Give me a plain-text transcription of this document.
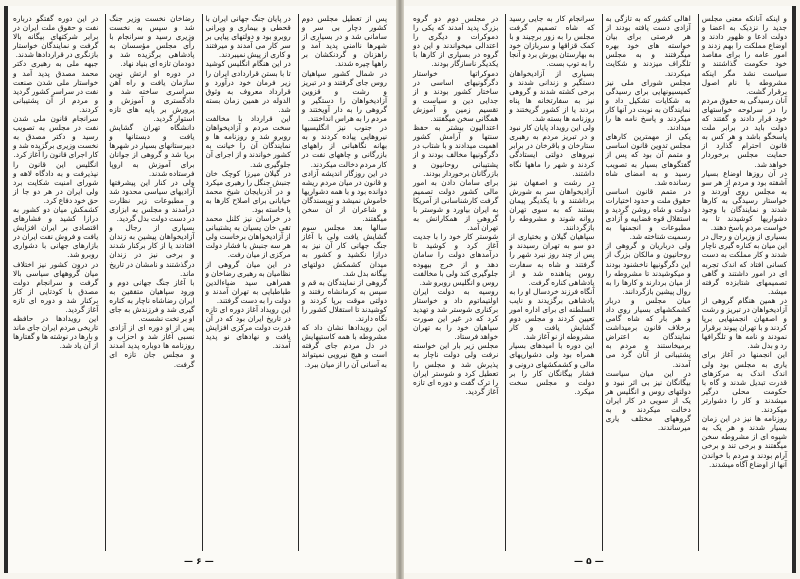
و اینکه آنانکه معنی مجلس جدید را نزدیک به اعضا و دولت ادعا و ظهور دادند و اوضاع مملکت را بهم زدند و امور عامه را برای مقاصد خود حکومت گذاشتند و سیاست نشد مگر اینکه مشروطه با نام اصول برقرار گشت.

آنان رسیدگی به حقوق مردم را در سرلوحه خواستهای خود قرار دادند و گفتند که دولت باید در برابر ملت پاسخگو باشد و هر کس به قانون احترام گذارد از حمایت مجلس برخوردار خواهد شد.

در آن روزها اوضاع بسیار آشفته بود و مردم از هر سو به مجلس روی آوردند و خواستار رسیدگی به کارها شدند و نمایندگان با وجود دشواریها کوشیدند تا به خواست مردم پاسخ دهند.

بسیاری از وزیران و رجال در این میان به کناره گیری ناچار شدند و کار مملکت به دست کسانی افتاد که اندک تجربه ای در امور داشتند و گاهی تصمیمهای شتابزده گرفته میشد.

در همین هنگام گروهی از آزادیخواهان در تبریز و رشت و اصفهان انجمنهایی برپا کردند و با تهران پیوند برقرار نمودند و نامه ها و تلگرافها رد و بدل شد.

این انجمنها در آغاز برای یاری به مجلس بود ولی اندک اندک به مرکزهای قدرت تبدیل شدند و گاه با حکومت محلی درگیر میشدند و کار را دشوارتر میکردند.

روزنامه ها نیز در این زمان بسیار شدند و هر یک به شیوه ای از مشروطه سخن میگفتند و برخی تند و برخی آرام بودند و مردم با خواندن آنها از اوضاع آگاه میشدند.

اهالی کشور که به تازگی به آزادی دست یافته بودند از هر فرصتی برای بیان خواسته های خود بهره میگرفتند و به مجلس تلگراف میزدند و شکایت میکردند.

مجلس شورای ملی نیز کمیسیونهایی برای رسیدگی به شکایات تشکیل داد و نمایندگان به نوبت در آنها کار میکردند و پاسخ نامه ها را میدادند.

یکی از مهمترین کارهای مجلس تدوین قانون اساسی و متمم آن بود که پس از گفتگوهای بسیار به تصویب رسید و به امضای شاه رسانده شد.

در متمم قانون اساسی حقوق ملت و حدود اختیارات دولت و شاه روشن گردید و استقلال قوه قضاییه و آزادی مطبوعات و انجمنها به رسمیت شناخته شد.

ولی درباریان و گروهی از روحانیون و مالکان بزرگ از این دگرگونیها ناخشنود بودند و میکوشیدند تا مشروطه را از میان بردارند و کارها را به روال پیشین بازگردانند.

میان مجلس و دربار کشمکشهای بسیار روی داد و هر بار که شاه گامی برخلاف قانون برمیداشت نمایندگان به اعتراض برمیخاستند و مردم به پشتیبانی از آنان گرد می آمدند.

در این میان سیاست بیگانگان نیز بی اثر نبود و دولتهای روس و انگلیس هر یک از سویی در کار ایران دخالت میکردند و به گروههای مختلف یاری میرساندند.

سرانجام کار به جایی رسید که شاه تصمیم گرفت مجلس را به زور برچیند و با کمک قزاقها و سربازان خود به بهارستان یورش برد و آنجا را به توپ بست.

بسیاری از آزادیخواهان دستگیر و زندانی شدند و برخی کشته شدند و گروهی نیز به سفارتخانه ها پناه بردند یا از کشور گریختند و روزنامه ها بسته شد.

ولی این رویداد پایان کار نبود و در تبریز مردم به رهبری ستارخان و باقرخان در برابر نیروهای دولتی ایستادگی کردند و شهر را ماهها نگاه داشتند.

در رشت و اصفهان نیز آزادیخواهان سر به شورش برداشتند و با یکدیگر پیمان بستند که به سوی تهران روانه شوند و مشروطه را بازگردانند.

سپاهیان گیلان و بختیاری از دو سو به تهران رسیدند و پس از چند روز نبرد شهر را گرفتند و شاه به سفارت روس پناهنده شد و از پادشاهی کناره گرفت.

آنگاه فرزند خردسال او را به پادشاهی برگزیدند و نایب السلطنه ای برای اداره امور تعیین کردند و مجلس دوم گشایش یافت و کار مشروطه از نو آغاز شد.

این دوره با امیدهای بسیار همراه بود ولی دشواریهای مالی و کشمکشهای درونی و فشار بیگانگان کار را بر دولت و مجلس سخت میکرد.

در مجلس دوم دو گروه بزرگ پدید آمدند که یکی را دموکرات و دیگری را اعتدالی میخواندند و این دو گروه در بسیاری از کارها با یکدیگر ناسازگار بودند.

دموکراتها خواستار دگرگونیهای اساسی در ساختار کشور بودند و از جدایی دین و سیاست و تقسیم زمین و آموزش همگانی سخن میگفتند.

اعتدالیون بیشتر به حفظ سنتها و آرامش کشور اهمیت میدادند و با شتاب در دگرگونیها مخالف بودند و از پشتیبانی روحانیون و بازرگانان برخوردار بودند.

برای سامان دادن به امور مالی کشور دولت تصمیم گرفت کارشناسانی از آمریکا به ایران بیاورد و شوستر با گروهی از همکارانش به تهران آمد.

شوستر کار خود را با جدیت آغاز کرد و کوشید تا درآمدهای دولت را سامان دهد و از خرج بیهوده جلوگیری کند ولی با مخالفت روس و انگلیس روبرو شد.

روسیه به دولت ایران اولتیماتوم داد و خواستار برکناری شوستر شد و تهدید کرد که در غیر این صورت سپاهیان خود را به تهران خواهد فرستاد.

مجلس زیر بار این خواسته نرفت ولی دولت ناچار به پذیرش شد و مجلس را تعطیل کرد و شوستر ایران را ترک گفت و دوره ای تازه آغاز گردید.

— ۵ —

پس از تعطیل مجلس دوم کشور دچار بی سر و سامانی شد و در بسیاری از شهرها ناامنی پدید آمد و راهزنان و گردنکشان بر راهها چیره شدند.

در شمال کشور سپاهیان روس جای گرفتند و در تبریز و رشت و قزوین آزادیخواهان را دستگیر و گروهی را به دار آویختند و مردم را به هراس انداختند.

در جنوب نیز انگلیسیها نیروهایی پیاده کردند و به بهانه نگاهبانی از راههای بازرگانی و چاههای نفت در کار مردم دخالت میکردند.

در این روزگار اندیشه آزادی و قانون در میان مردم ریشه دوانده بود و با همه دشواریها خاموش نمیشد و نویسندگان و شاعران از آن سخن میگفتند.

سالها بعد مجلس سوم گشایش یافت ولی با آغاز جنگ جهانی کار آن نیز به درازا نکشید و کشور به میدان کشمکش دولتهای بیگانه بدل شد.

گروهی از نمایندگان به قم و سپس به کرمانشاه رفتند و دولتی موقت برپا کردند و کوشیدند تا استقلال کشور را نگاه دارند.

این رویدادها نشان داد که مشروطه با همه کاستیهایش در دل مردم جای گرفته است و هیچ نیرویی نمیتواند به آسانی آن را از میان ببرد.

در پایان جنگ جهانی ایران با قحطی و بیماری و ویرانی روبرو بود و دولتهای پیاپی بر سر کار می آمدند و میرفتند و کاری از پیش نمیبردند.

در این هنگام انگلیس کوشید تا با بستن قراردادی ایران را زیر فرمان خود درآورد و قرارداد معروف به وثوق الدوله در همین زمان بسته شد.

این قرارداد با مخالفت سخت مردم و آزادیخواهان روبرو شد و روزنامه ها و نمایندگان آن را خیانت به کشور خواندند و از اجرای آن جلوگیری شد.

در گیلان میرزا کوچک خان جنبش جنگل را رهبری میکرد و در آذربایجان شیخ محمد خیابانی برای اصلاح کارها به پا خاسته بود.

در خراسان نیز کلنل محمد تقی خان پسیان به پشتیبانی از آزادیخواهان برخاست ولی هر سه جنبش با فشار دولت مرکزی از میان رفت.

در این میان گروهی از نظامیان به رهبری رضاخان و همراهی سید ضیاءالدین طباطبایی به تهران آمدند و دولت را به دست گرفتند.

این رویداد آغاز دوره ای تازه در تاریخ ایران بود که در آن قدرت دولت مرکزی افزایش یافت و نهادهای نو پدید آمدند.

رضاخان نخست وزیر جنگ شد و سپس به نخست وزیری رسید و سرانجام با رأی مجلس مؤسسان به پادشاهی برگزیده شد و دودمان تازه ای بنیاد نهاد.

در دوره او ارتش نوین سازمان یافت و راه آهن سراسری ساخته شد و دادگستری و آموزش و پرورش بر پایه های تازه استوار گردید.

دانشگاه تهران گشایش یافت و دبستانها و دبیرستانهای بسیار در شهرها برپا شد و گروهی از جوانان برای آموزش به اروپا فرستاده شدند.

ولی در کنار این پیشرفتها آزادیهای سیاسی محدود شد و مطبوعات زیر نظارت درآمدند و مجلس به ابزاری در دست دولت بدل گردید.

بسیاری از رجال و آزادیخواهان پیشین به زندان افتادند یا از کار برکنار شدند و برخی نیز در زندان درگذشتند و نامشان در تاریخ ماند.

با آغاز جنگ جهانی دوم و ورود سپاهیان متفقین به ایران رضاشاه ناچار به کناره گیری شد و فرزندش به جای او بر تخت نشست.

پس از او دوره ای از آزادی نسبی آغاز شد و احزاب و روزنامه ها دوباره پدید آمدند و مجلس جان تازه ای گرفت.

در این دوره گفتگو درباره نفت و حقوق ملت ایران در برابر شرکتهای بیگانه بالا گرفت و نمایندگان خواستار بازنگری در قراردادها شدند.

جبهه ملی به رهبری دکتر محمد مصدق پدید آمد و خواستار ملی شدن صنعت نفت در سراسر کشور گردید و مردم از آن پشتیبانی کردند.

سرانجام قانون ملی شدن نفت در مجلس به تصویب رسید و دکتر مصدق به نخست وزیری برگزیده شد و کار اجرای قانون را آغاز کرد.

انگلیس این قانون را نپذیرفت و به دادگاه لاهه و شورای امنیت شکایت برد ولی ایران در هر دو جا از حق خود دفاع کرد.

کشمکش میان دو کشور به درازا کشید و فشارهای اقتصادی بر ایران افزایش یافت و فروش نفت ایران در بازارهای جهانی با دشواری روبرو شد.

در درون کشور نیز اختلاف میان گروههای سیاسی بالا گرفت و سرانجام دولت مصدق با کودتایی از کار برکنار شد و دوره ای تازه آغاز گردید.

این رویدادها در حافظه تاریخی مردم ایران جای ماند و بارها در نوشته ها و گفتارها از آن یاد شد.

— ۶ —
